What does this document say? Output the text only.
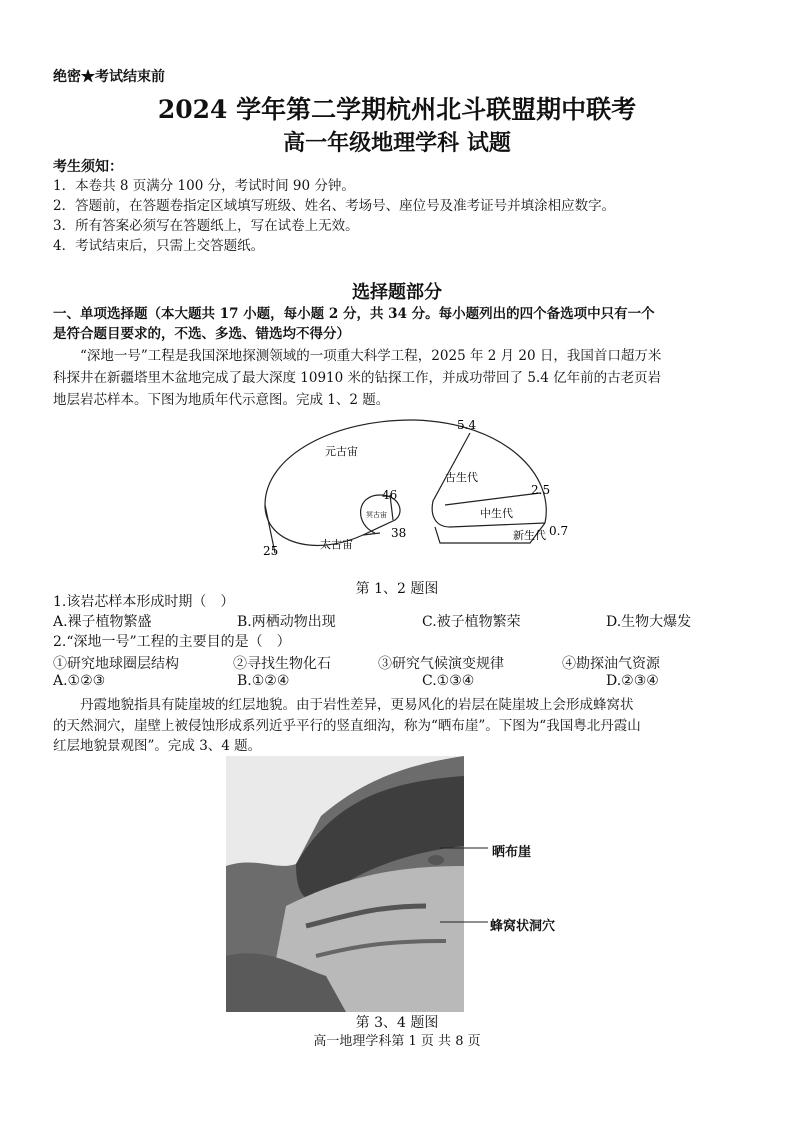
绝密★考试结束前
2024 学年第二学期杭州北斗联盟期中联考
高一年级地理学科 试题
考生须知：
1．本卷共 8 页满分 100 分，考试时间 90 分钟。
2．答题前，在答题卷指定区域填写班级、姓名、考场号、座位号及准考证号并填涂相应数字。
3．所有答案必须写在答题纸上，写在试卷上无效。
4．考试结束后，只需上交答题纸。
选择题部分
一、单项选择题（本大题共 17 小题，每小题 2 分，共 34 分。每小题列出的四个备选项中只有一个
是符合题目要求的，不选、多选、错选均不得分）
“深地一号”工程是我国深地探测领域的一项重大科学工程，2025 年 2 月 20 日，我国首口超万米
科探井在新疆塔里木盆地完成了最大深度 10910 米的钻探工作，并成功带回了 5.4 亿年前的古老页岩
地层岩芯样本。下图为地质年代示意图。完成 1、2 题。
元古宙
古生代
中生代
新生代
太古宙
冥古宙
5.4
2.5
0.7
46
38
25
第 1、2 题图
1.该岩芯样本形成时期（　）
A.裸子植物繁盛	B.两栖动物出现	C.被子植物繁荣	D.生物大爆发
2.“深地一号”工程的主要目的是（　）
①研究地球圈层结构	②寻找生物化石	③研究气候演变规律	④勘探油气资源
A.①②③	B.①②④	C.①③④	D.②③④
丹霞地貌指具有陡崖坡的红层地貌。由于岩性差异，更易风化的岩层在陡崖坡上会形成蜂窝状
的天然洞穴，崖壁上被侵蚀形成系列近乎平行的竖直细沟，称为“晒布崖”。下图为“我国粤北丹霞山
红层地貌景观图”。完成 3、4 题。
晒布崖
蜂窝状洞穴
第 3、4 题图
高一地理学科第 1 页 共 8 页
